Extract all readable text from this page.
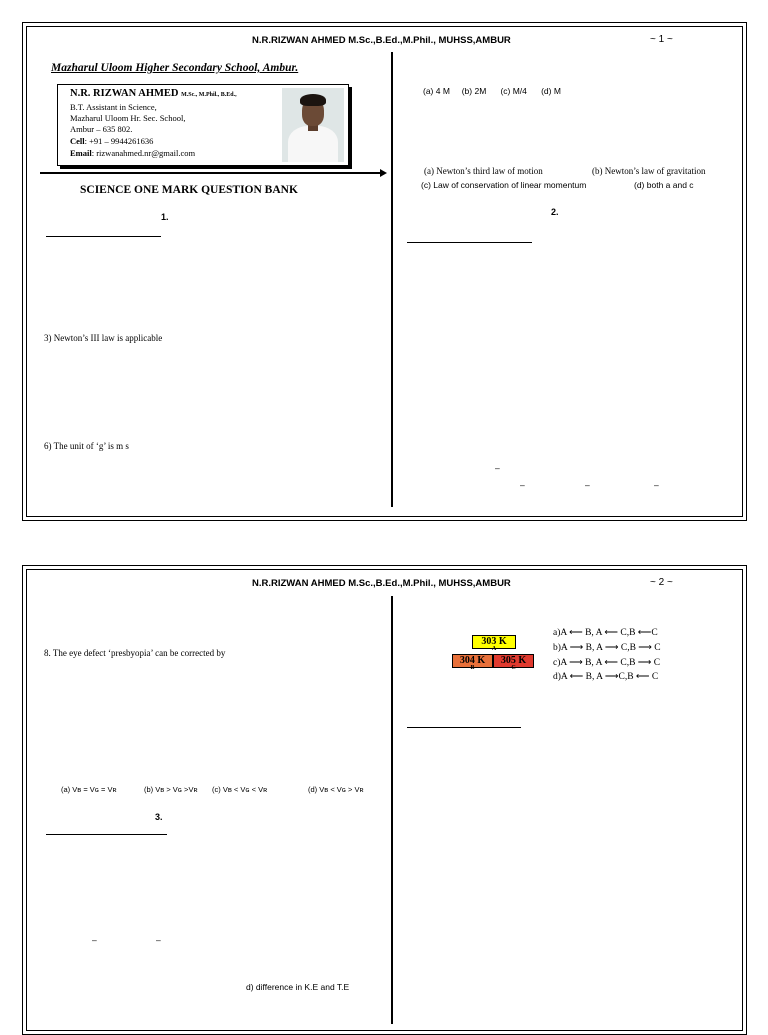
N.R.RIZWAN AHMED M.Sc.,B.Ed.,M.Phil., MUHSS,AMBUR	~ 1 ~
Mazharul Uloom Higher Secondary School, Ambur.
N.R. RIZWAN AHMED M.Sc., M.Phil., B.Ed.,
B.T. Assistant in Science,
Mazharul Uloom Hr. Sec. School,
Ambur – 635 802.
Cell: +91 – 9944261636
Email: rizwanahmed.nr@gmail.com
SCIENCE ONE MARK QUESTION BANK
1.
3) Newton’s III law is applicable
6) The unit of ‘g’ is m s
(a) 4 M     (b) 2M      (c) M/4      (d) M
(a) Newton’s third law of motion	(b) Newton’s law of gravitation
(c) Law of conservation of linear momentum	(d) both a and c
2.
–
–	–	–
N.R.RIZWAN AHMED M.Sc.,B.Ed.,M.Phil., MUHSS,AMBUR	~ 2 ~
8. The eye defect ‘presbyopia’ can be corrected by
(a) Vʙ = Vɢ = Vʀ	(b) Vʙ > Vɢ >Vʀ (c) Vʙ < Vɢ < Vʀ	(d) Vʙ < Vɢ > Vʀ
3.
–	–
d) difference in K.E and T.E
303 K
A
304 K
B
305 K
C
a)A ⟵ B, A ⟵ C,B ⟵C
b)A ⟶ B, A ⟶ C,B ⟶ C
c)A ⟶ B, A ⟵ C,B ⟶ C
d)A ⟵ B, A ⟶C,B ⟵ C
